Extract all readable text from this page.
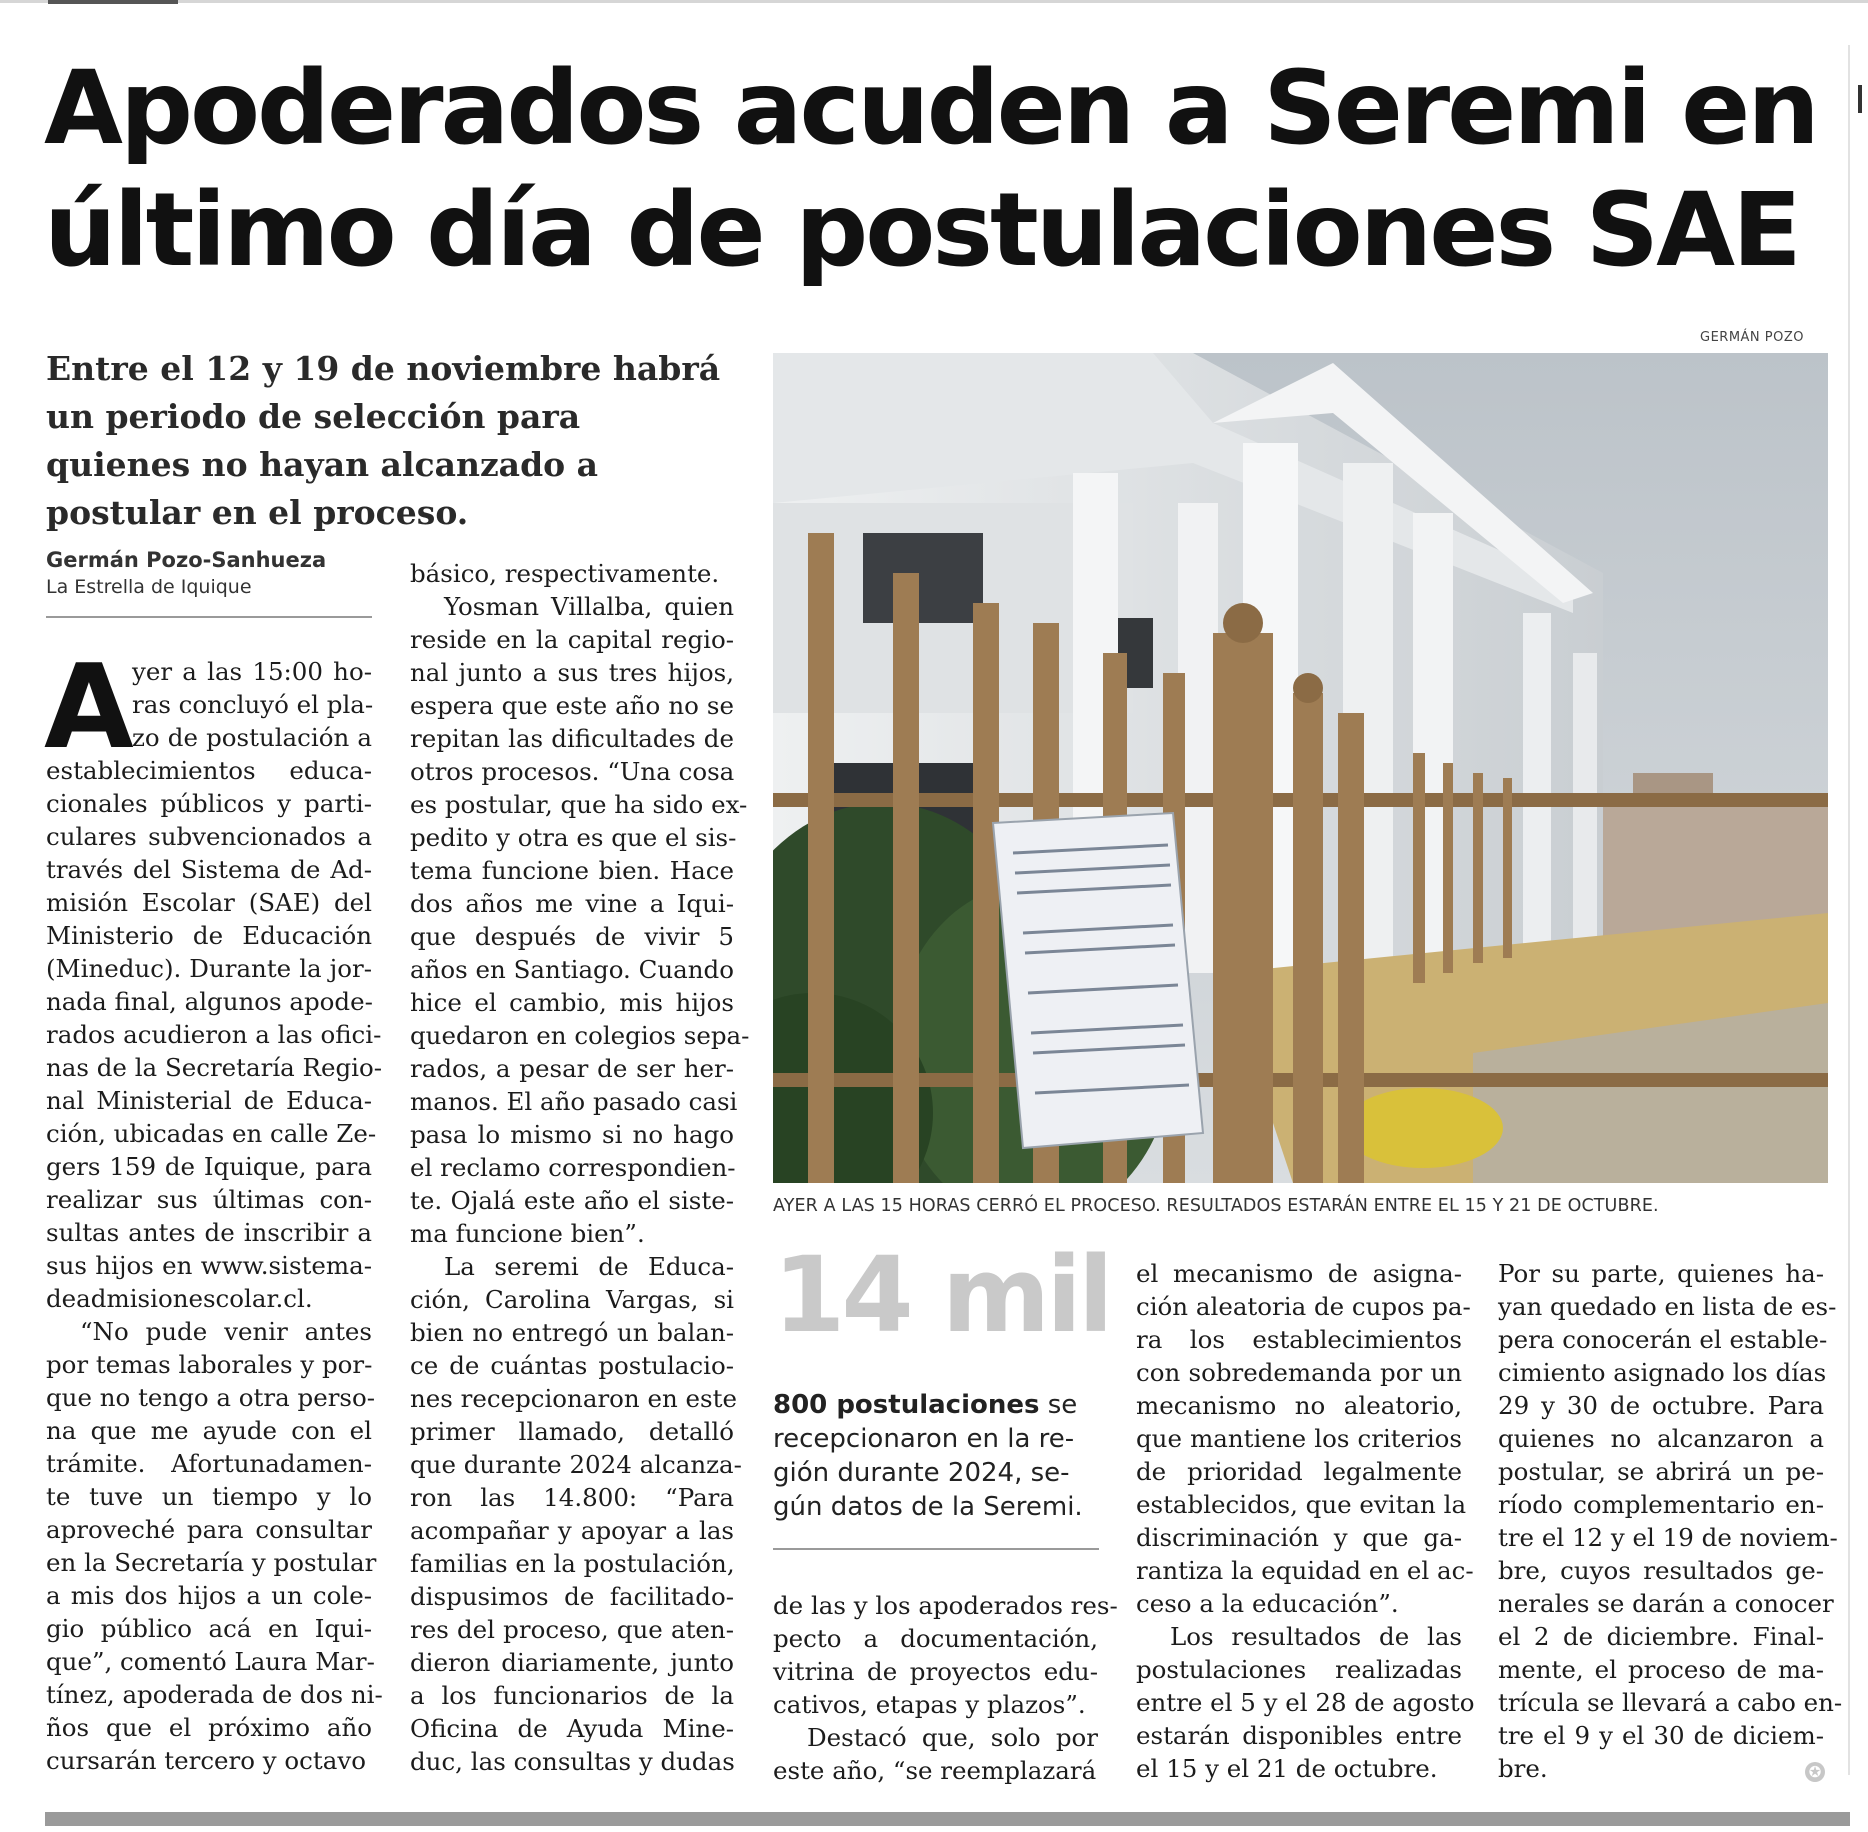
Apoderados acuden a Seremi en
último día de postulaciones SAE
Entre el 12 y 19 de noviembre habrá
un periodo de selección para
quienes no hayan alcanzado a
postular en el proceso.
Germán Pozo-Sanhueza
La Estrella de Iquique
A
yer a las 15:00 ho-
ras concluyó el pla-
zo de postulación a
establecimientos educa-
cionales públicos y parti-
culares subvencionados a
través del Sistema de Ad-
misión Escolar (SAE) del
Ministerio de Educación
(Mineduc). Durante la jor-
nada final, algunos apode-
rados acudieron a las ofici-
nas de la Secretaría Regio-
nal Ministerial de Educa-
ción, ubicadas en calle Ze-
gers 159 de Iquique, para
realizar sus últimas con-
sultas antes de inscribir a
sus hijos en www.sistema-
deadmisionescolar.cl.
“No pude venir antes
por temas laborales y por-
que no tengo a otra perso-
na que me ayude con el
trámite. Afortunadamen-
te tuve un tiempo y lo
aproveché para consultar
en la Secretaría y postular
a mis dos hijos a un cole-
gio público acá en Iqui-
que”, comentó Laura Mar-
tínez, apoderada de dos ni-
ños que el próximo año
cursarán tercero y octavo
básico, respectivamente.
Yosman Villalba, quien
reside en la capital regio-
nal junto a sus tres hijos,
espera que este año no se
repitan las dificultades de
otros procesos. “Una cosa
es postular, que ha sido ex-
pedito y otra es que el sis-
tema funcione bien. Hace
dos años me vine a Iqui-
que después de vivir 5
años en Santiago. Cuando
hice el cambio, mis hijos
quedaron en colegios sepa-
rados, a pesar de ser her-
manos. El año pasado casi
pasa lo mismo si no hago
el reclamo correspondien-
te. Ojalá este año el siste-
ma funcione bien”.
La seremi de Educa-
ción, Carolina Vargas, si
bien no entregó un balan-
ce de cuántas postulacio-
nes recepcionaron en este
primer llamado, detalló
que durante 2024 alcanza-
ron las 14.800: “Para
acompañar y apoyar a las
familias en la postulación,
dispusimos de facilitado-
res del proceso, que aten-
dieron diariamente, junto
a los funcionarios de la
Oficina de Ayuda Mine-
duc, las consultas y dudas
de las y los apoderados res-
pecto a documentación,
vitrina de proyectos edu-
cativos, etapas y plazos”.
Destacó que, solo por
este año, “se reemplazará
el mecanismo de asigna-
ción aleatoria de cupos pa-
ra los establecimientos
con sobredemanda por un
mecanismo no aleatorio,
que mantiene los criterios
de prioridad legalmente
establecidos, que evitan la
discriminación y que ga-
rantiza la equidad en el ac-
ceso a la educación”.
Los resultados de las
postulaciones realizadas
entre el 5 y el 28 de agosto
estarán disponibles entre
el 15 y el 21 de octubre.
Por su parte, quienes ha-
yan quedado en lista de es-
pera conocerán el estable-
cimiento asignado los días
29 y 30 de octubre. Para
quienes no alcanzaron a
postular, se abrirá un pe-
ríodo complementario en-
tre el 12 y el 19 de noviem-
bre, cuyos resultados ge-
nerales se darán a conocer
el 2 de diciembre. Final-
mente, el proceso de ma-
trícula se llevará a cabo en-
tre el 9 y el 30 de diciem-
bre.
GERMÁN POZO
AYER A LAS 15 HORAS CERRÓ EL PROCESO. RESULTADOS ESTARÁN ENTRE EL 15 Y 21 DE OCTUBRE.
14 mil
800 postulaciones se
recepcionaron en la re-
gión durante 2024, se-
gún datos de la Seremi.
✪
